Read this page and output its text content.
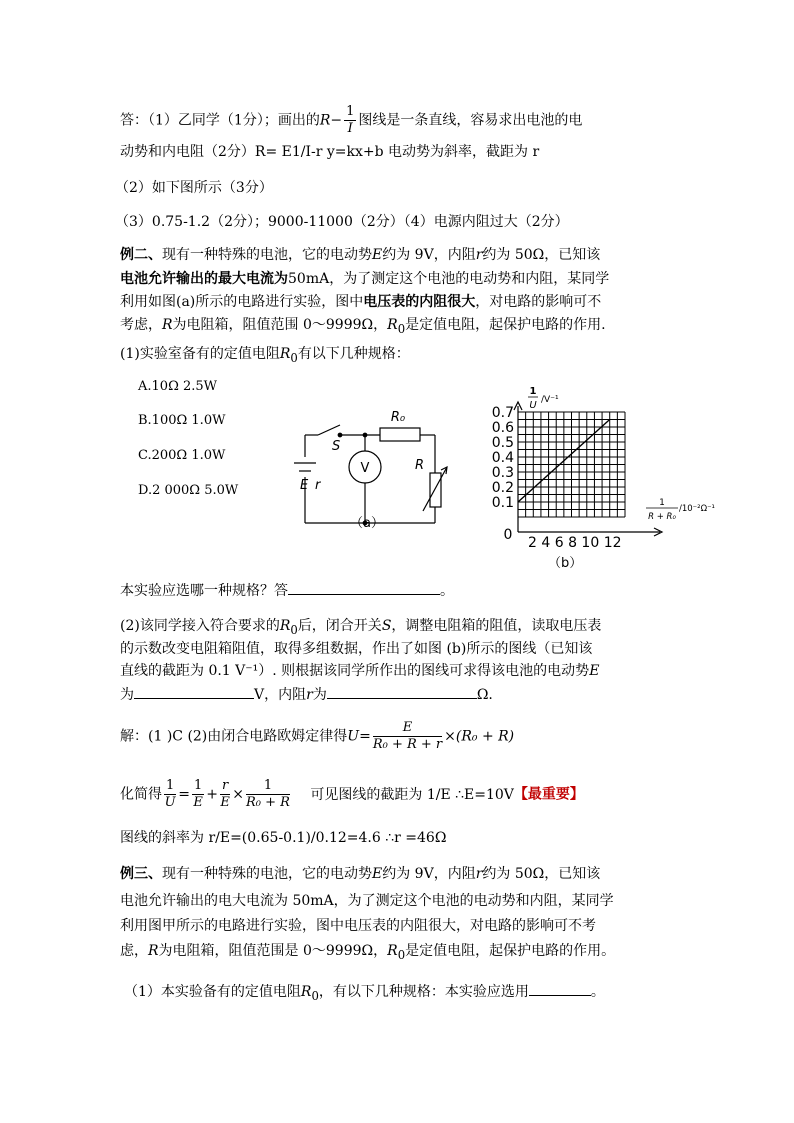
答：（1）乙同学（1分）；画出的$R- \frac{1}{I}$ 图线是一条直线，容易求出电池的电
动势和内电阻（2分）R= E1/I-r y=kx+b 电动势为斜率，截距为 r
（2）如下图所示（3分）
（3）0.75-1.2（2分）；9000-11000（2分）（4）电源内阻过大（2分）
例二、现有一种特殊的电池，它的电动势E约为 9V，内阻r约为 50Ω，已知该
电池允许输出的最大电流为50mA，为了测定这个电池的电动势和内阻，某同学
利用如图(a)所示的电路进行实验，图中电压表的内阻很大，对电路的影响可不
考虑，R为电阻箱，阻值范围 0～9999Ω，$R_0$是定值电阻，起保护电路的作用.
(1)实验室备有的定值电阻$R_0$有以下几种规格：
A.10Ω 2.5W
B.100Ω 1.0W
C.200Ω 1.0W
D.2 000Ω 5.0W
R₀
S
V	R
E r
（a）
1
U /V⁻¹
1
R + R₀
/10⁻²Ω⁻¹
0.7
0.6
0.5
0.4
0.3
0.2
0.1
0 2 4 6 8 10 12
（b）
本实验应选哪一种规格？答	。
(2)该同学接入符合要求的$R_0$后，闭合开关S，调整电阻箱的阻值，读取电压表
的示数改变电阻箱阻值，取得多组数据，作出了如图 (b)所示的图线（已知该
直线的截距为 0.1 V⁻¹）. 则根据该同学所作出的图线可求得该电池的电动势E
为	V，内阻r为	Ω.
解：(1 )C (2)由闭合电路欧姆定律得$U= \frac{E}{\text{R₀ + R + r}} \times(R_0 + R)$
化简得 $\frac{1}{U} = \frac{1}{E} + \frac{r}{E} \times \frac{1}{\text{R₀ + R}}$ 可见图线的截距为 1/E ∴E=10V【最重要】
图线的斜率为 r/E=(0.65-0.1)/0.12=4.6 ∴r =46Ω
例三、现有一种特殊的电池，它的电动势E约为 9V，内阻r约为 50Ω，已知该
电池允许输出的电大电流为 50mA，为了测定这个电池的电动势和内阻，某同学
利用图甲所示的电路进行实验，图中电压表的内阻很大，对电路的影响可不考
虑，R为电阻箱，阻值范围是 0～9999Ω，$R_0$是定值电阻，起保护电路的作用。
（1）本实验备有的定值电阻$R_0$，有以下几种规格：本实验应选用	。
